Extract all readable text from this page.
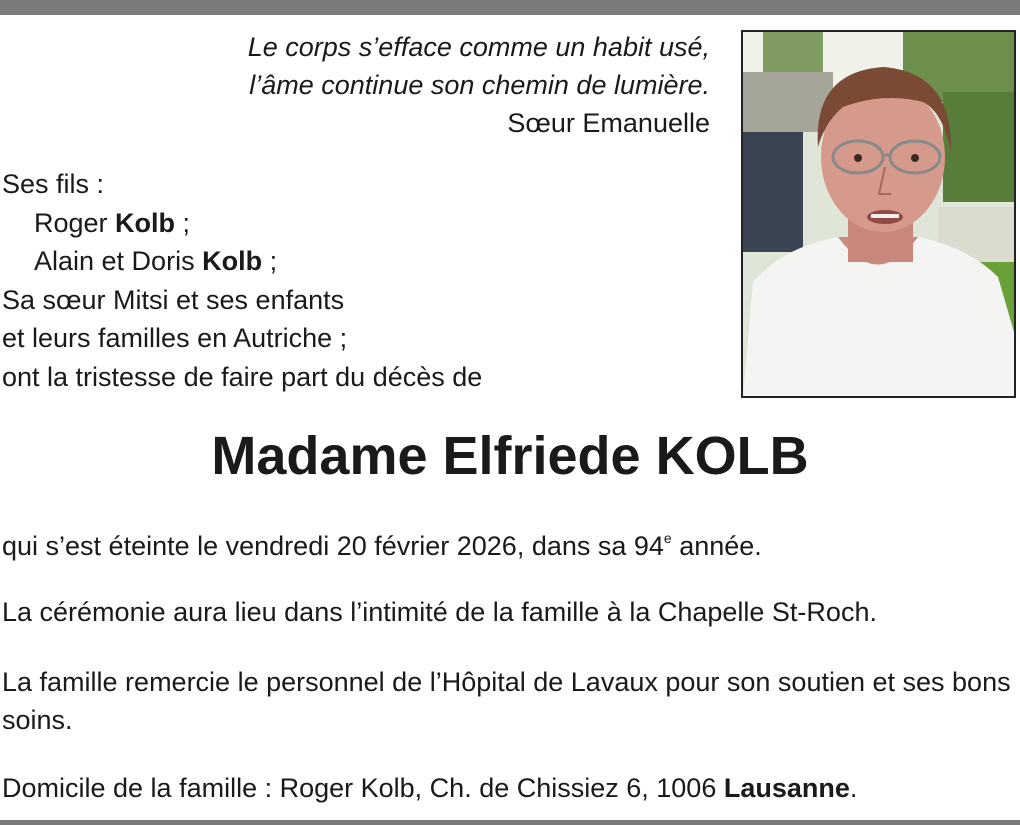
Le corps s’efface comme un habit usé,
l’âme continue son chemin de lumière.
Sœur Emanuelle
Ses fils :
Roger Kolb ;
Alain et Doris Kolb ;
Sa sœur Mitsi et ses enfants
et leurs familles en Autriche ;
ont la tristesse de faire part du décès de
Madame Elfriede KOLB
qui s’est éteinte le vendredi 20 février 2026, dans sa 94e année.
La cérémonie aura lieu dans l’intimité de la famille à la Chapelle St-Roch.
La famille remercie le personnel de l’Hôpital de Lavaux pour son soutien et ses bons soins.
Domicile de la famille : Roger Kolb, Ch. de Chissiez 6, 1006 Lausanne.
